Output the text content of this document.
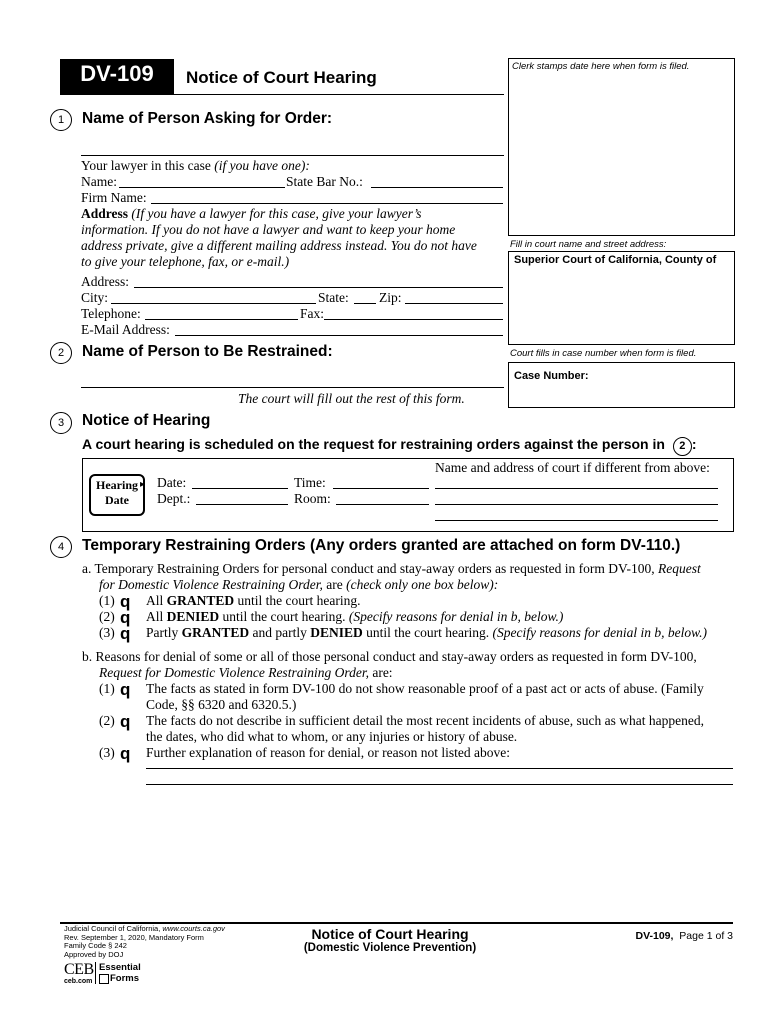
DV-109	Notice of Court Hearing
Clerk stamps date here when form is filed.
Fill in court name and street address:
Superior Court of California, County of
Court fills in case number when form is filed.
Case Number:
1	Name of Person Asking for Order:
Your lawyer in this case (if you have one):
Name:	State Bar No.:
Firm Name:
Address (If you have a lawyer for this case, give your lawyer’s
information. If you do not have a lawyer and want to keep your home
address private, give a different mailing address instead. You do not have
to give your telephone, fax, or e-mail.)
Address:
City:	State: Zip:
Telephone:	Fax:
E-Mail Address:
2	Name of Person to Be Restrained:
The court will fill out the rest of this form.
3	Notice of Hearing
A court hearing is scheduled on the request for restraining orders against the person in 2 :
Hearing
Date
▸ Date:	Time:
Dept.:	Room:
Name and address of court if different from above:
4	Temporary Restraining Orders (Any orders granted are attached on form DV-110.)
a. Temporary Restraining Orders for personal conduct and stay-away orders as requested in form DV-100, Request
for Domestic Violence Restraining Order, are (check only one box below):
(1) q All GRANTED until the court hearing.
(2) q All DENIED until the court hearing. (Specify reasons for denial in b, below.)
(3) q Partly GRANTED and partly DENIED until the court hearing. (Specify reasons for denial in b, below.)
b. Reasons for denial of some or all of those personal conduct and stay-away orders as requested in form DV-100,
Request for Domestic Violence Restraining Order, are:
(1) q The facts as stated in form DV-100 do not show reasonable proof of a past act or acts of abuse. (Family
Code, §§ 6320 and 6320.5.)
(2) q The facts do not describe in sufficient detail the most recent incidents of abuse, such as what happened,
the dates, who did what to whom, or any injuries or history of abuse.
(3) q Further explanation of reason for denial, or reason not listed above:
Judicial Council of California, www.courts.ca.gov
Rev. September 1, 2020, Mandatory Form
Family Code § 242
Approved by DOJ
CEB
ceb.com
Essential
Forms
Notice of Court Hearing
(Domestic Violence Prevention)
DV-109, Page 1 of 3
